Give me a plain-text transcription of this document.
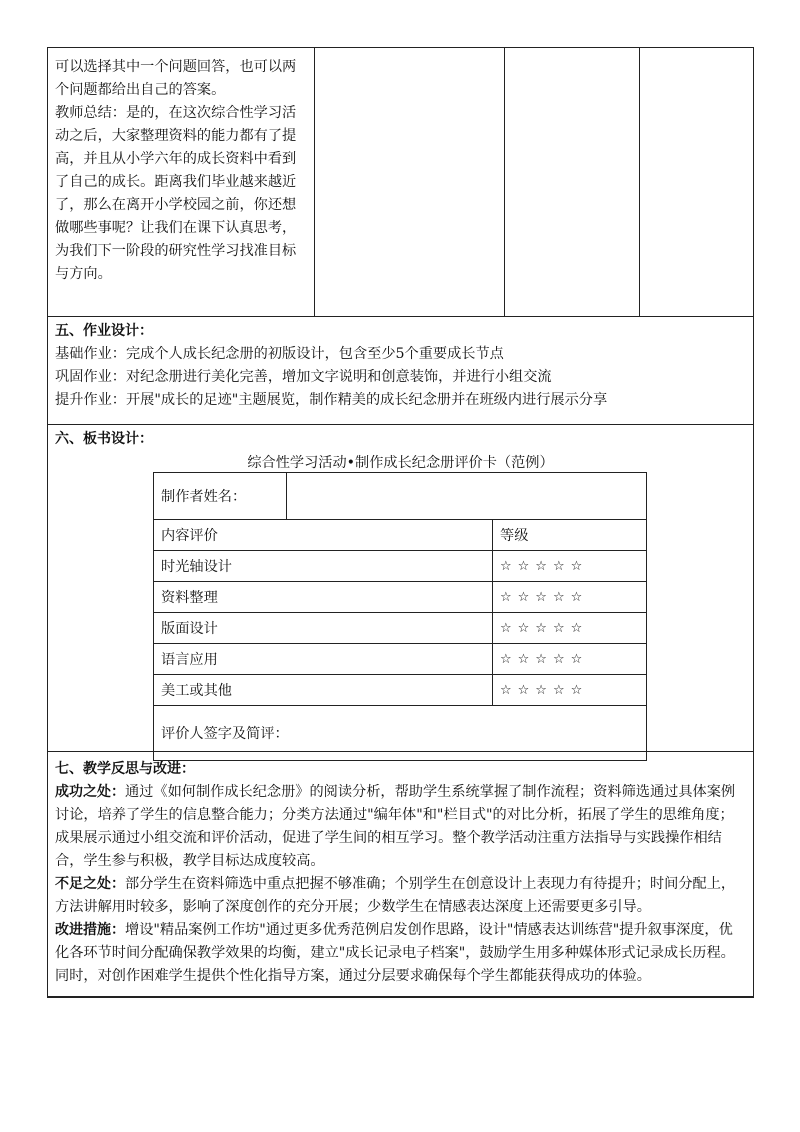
可以选择其中一个问题回答，也可以两个问题都给出自己的答案。
教师总结：是的，在这次综合性学习活动之后，大家整理资料的能力都有了提高，并且从小学六年的成长资料中看到了自己的成长。距离我们毕业越来越近了，那么在离开小学校园之前，你还想做哪些事呢？让我们在课下认真思考，为我们下一阶段的研究性学习找准目标与方向。
五、作业设计：
基础作业：完成个人成长纪念册的初版设计，包含至少5个重要成长节点
巩固作业：对纪念册进行美化完善，增加文字说明和创意装饰，并进行小组交流
提升作业：开展"成长的足迹"主题展览，制作精美的成长纪念册并在班级内进行展示分享
六、板书设计：
综合性学习活动•制作成长纪念册评价卡（范例）
七、教学反思与改进：

成功之处：通过《如何制作成长纪念册》的阅读分析，帮助学生系统掌握了制作流程；资料筛选通过具体案例讨论，培养了学生的信息整合能力；分类方法通过"编年体"和"栏目式"的对比分析，拓展了学生的思维角度；成果展示通过小组交流和评价活动，促进了学生间的相互学习。整个教学活动注重方法指导与实践操作相结合，学生参与积极，教学目标达成度较高。

不足之处：部分学生在资料筛选中重点把握不够准确；个别学生在创意设计上表现力有待提升；时间分配上，方法讲解用时较多，影响了深度创作的充分开展；少数学生在情感表达深度上还需要更多引导。

改进措施：增设"精品案例工作坊"通过更多优秀范例启发创作思路，设计"情感表达训练营"提升叙事深度，优化各环节时间分配确保教学效果的均衡，建立"成长记录电子档案"，鼓励学生用多种媒体形式记录成长历程。同时，对创作困难学生提供个性化指导方案，通过分层要求确保每个学生都能获得成功的体验。

制作者姓名：		
内容评价		等级
时光轴设计		☆☆☆☆☆
资料整理		☆☆☆☆☆
版面设计		☆☆☆☆☆
语言应用		☆☆☆☆☆
美工或其他		☆☆☆☆☆
评价人签字及简评：		
